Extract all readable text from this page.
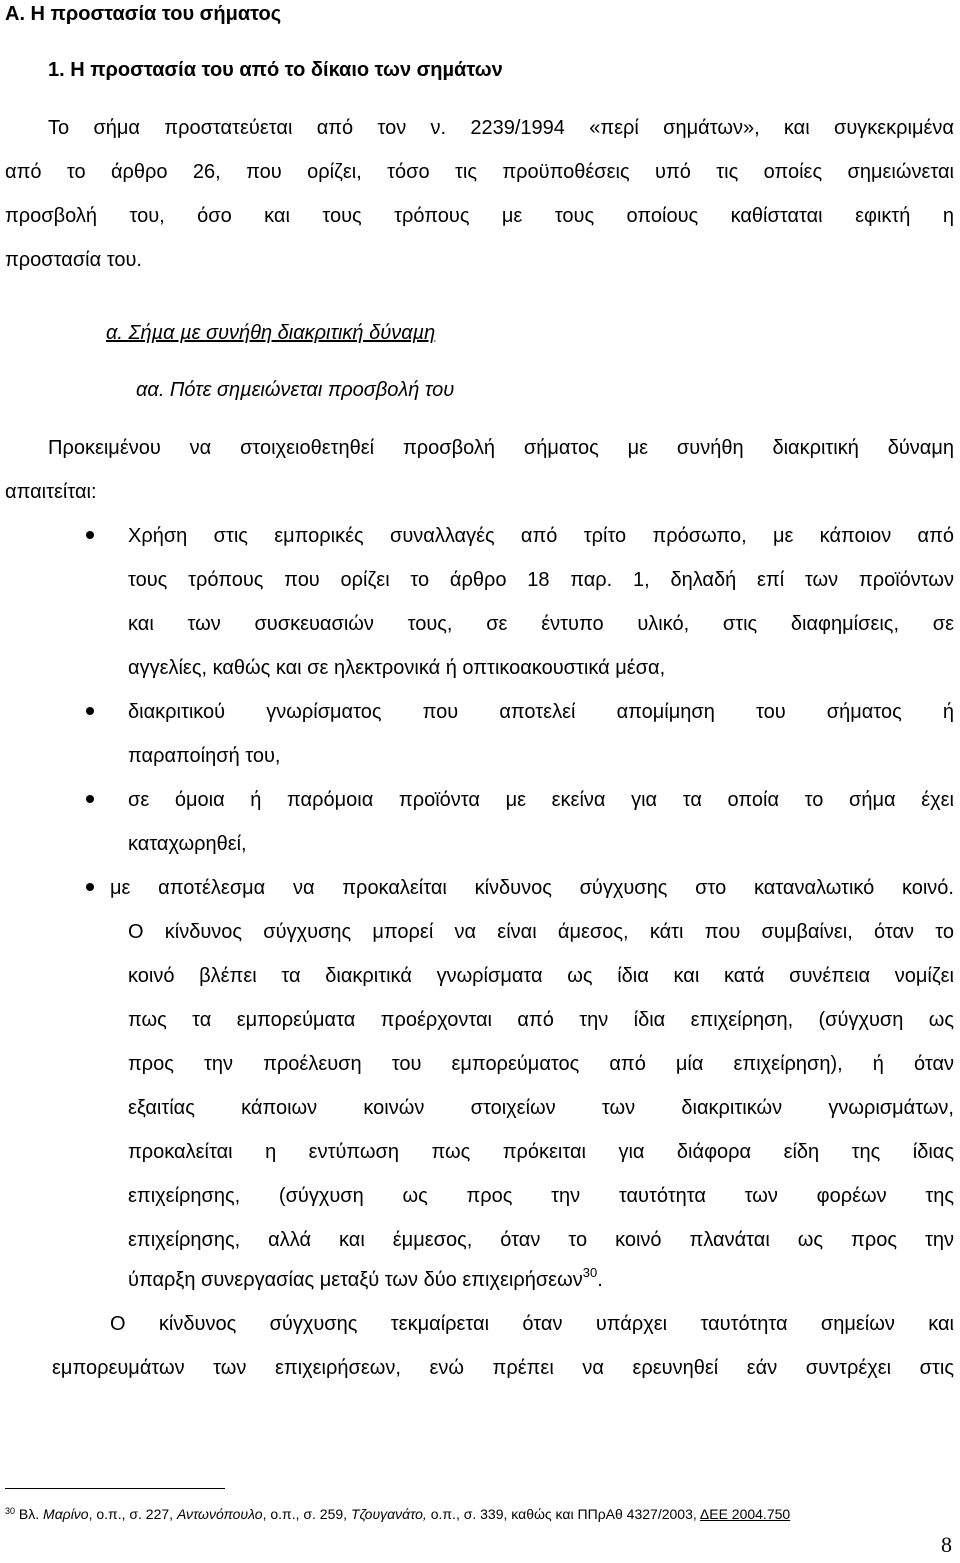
Α. Η προστασία του σήματος
1. Η προστασία του από το δίκαιο των σηµάτων
Το σήμα προστατεύεται από τον ν. 2239/1994 «περί σημάτων», και συγκεκριμένα
από το άρθρο 26, που ορίζει, τόσο τις προϋποθέσεις υπό τις οποίες σημειώνεται
προσβολή του, όσο και τους τρόπους με τους οποίους καθίσταται εφικτή η
προστασία του.
α. Σήµα µε συνήθη διακριτική δύναµη
αα. Πότε σηµειώνεται προσβολή του
Προκειμένου να στοιχειοθετηθεί προσβολή σήματος με συνήθη διακριτική δύναμη
απαιτείται:
Χρήση στις εμπορικές συναλλαγές από τρίτο πρόσωπο, με κάποιον από
τους τρόπους που ορίζει το άρθρο 18 παρ. 1, δηλαδή επί των προϊόντων
και των συσκευασιών τους, σε έντυπο υλικό, στις διαφημίσεις, σε
αγγελίες, καθώς και σε ηλεκτρονικά ή οπτικοακουστικά μέσα,
διακριτικού γνωρίσματος που αποτελεί απομίμηση του σήματος ή
παραποίησή του,
σε όμοια ή παρόμοια προϊόντα με εκείνα για τα οποία το σήμα έχει
καταχωρηθεί,
με αποτέλεσμα να προκαλείται κίνδυνος σύγχυσης στο καταναλωτικό κοινό.
Ο κίνδυνος σύγχυσης μπορεί να είναι άμεσος, κάτι που συμβαίνει, όταν το
κοινό βλέπει τα διακριτικά γνωρίσματα ως ίδια και κατά συνέπεια νομίζει
πως τα εμπορεύματα προέρχονται από την ίδια επιχείρηση, (σύγχυση ως
προς την προέλευση του εμπορεύματος από μία επιχείρηση), ή όταν
εξαιτίας κάποιων κοινών στοιχείων των διακριτικών γνωρισμάτων,
προκαλείται η εντύπωση πως πρόκειται για διάφορα είδη της ίδιας
επιχείρησης, (σύγχυση ως προς την ταυτότητα των φορέων της
επιχείρησης, αλλά και έμμεσος, όταν το κοινό πλανάται ως προς την
ύπαρξη συνεργασίας μεταξύ των δύο επιχειρήσεων$^{30}$.
Ο κίνδυνος σύγχυσης τεκμαίρεται όταν υπάρχει ταυτότητα σημείων και
εμπορευμάτων των επιχειρήσεων, ενώ πρέπει να ερευνηθεί εάν συντρέχει στις
$^{30}$ Βλ. Μαρίνο, ο.π., σ. 227, Αντωνόπουλο, ο.π., σ. 259, Τζουγανάτο, ο.π., σ. 339, καθώς και ΠΠρΑθ 4327/2003, ΔΕΕ 2004.750
8
